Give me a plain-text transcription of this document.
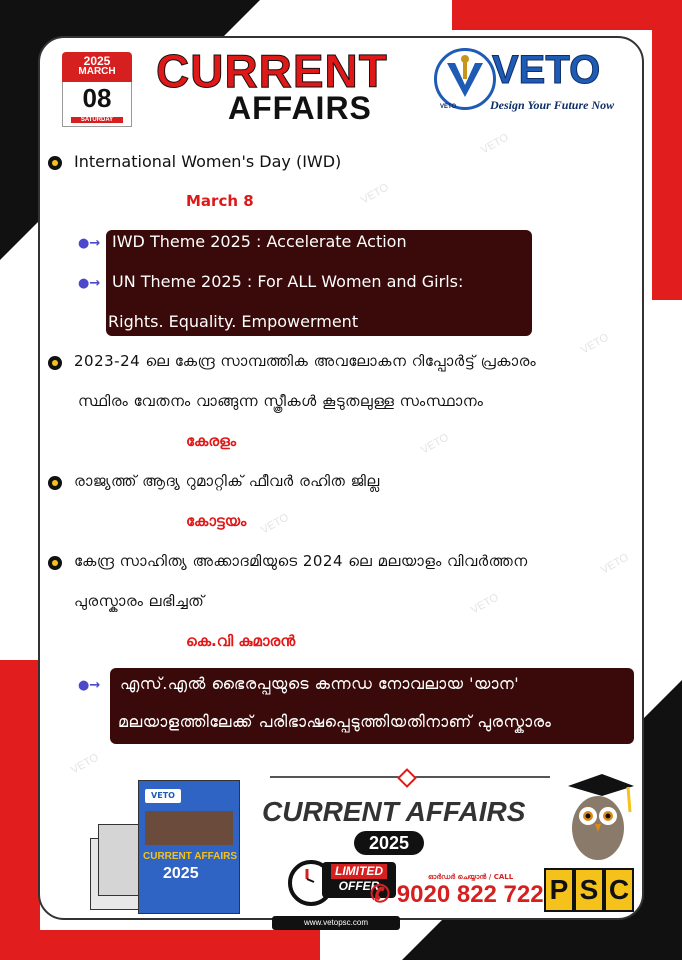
VETO
VETO
VETO
VETO
VETO
VETO
VETO
VETO
2025
MARCH
08
SATURDAY
CURRENT
AFFAIRS	VETO
VETO
Design Your Future Now
International Women's Day (IWD)
March 8
●→ IWD Theme 2025 : Accelerate Action
●→ UN Theme 2025 : For ALL Women and Girls:
Rights. Equality. Empowerment
2023-24 ലെ കേന്ദ്ര സാമ്പത്തിക അവലോകന റിപ്പോർട്ട് പ്രകാരം
സ്ഥിരം വേതനം വാങ്ങുന്ന സ്ത്രീകൾ കൂടുതലുള്ള സംസ്ഥാനം
കേരളം
രാജ്യത്ത് ആദ്യ റുമാറ്റിക് ഫീവർ രഹിത ജില്ല
കോട്ടയം
കേന്ദ്ര സാഹിത്യ അക്കാദമിയുടെ 2024 ലെ മലയാളം വിവർത്തന
പുരസ്കാരം ലഭിച്ചത്
കെ.വി കുമാരൻ
●→ എസ്.എൽ ഭൈരപ്പയുടെ കന്നഡ നോവലായ 'യാന'
മലയാളത്തിലേക്ക് പരിഭാഷപ്പെടുത്തിയതിനാണ് പുരസ്കാരം
VETO
CURRENT AFFAIRS
2025
CURRENT AFFAIRS
2025
LIMITED
OFFER
ഓർഡർ ചെയ്യാൻ / CALL
✆ 9020 822 722 P S C
www.vetopsc.com
